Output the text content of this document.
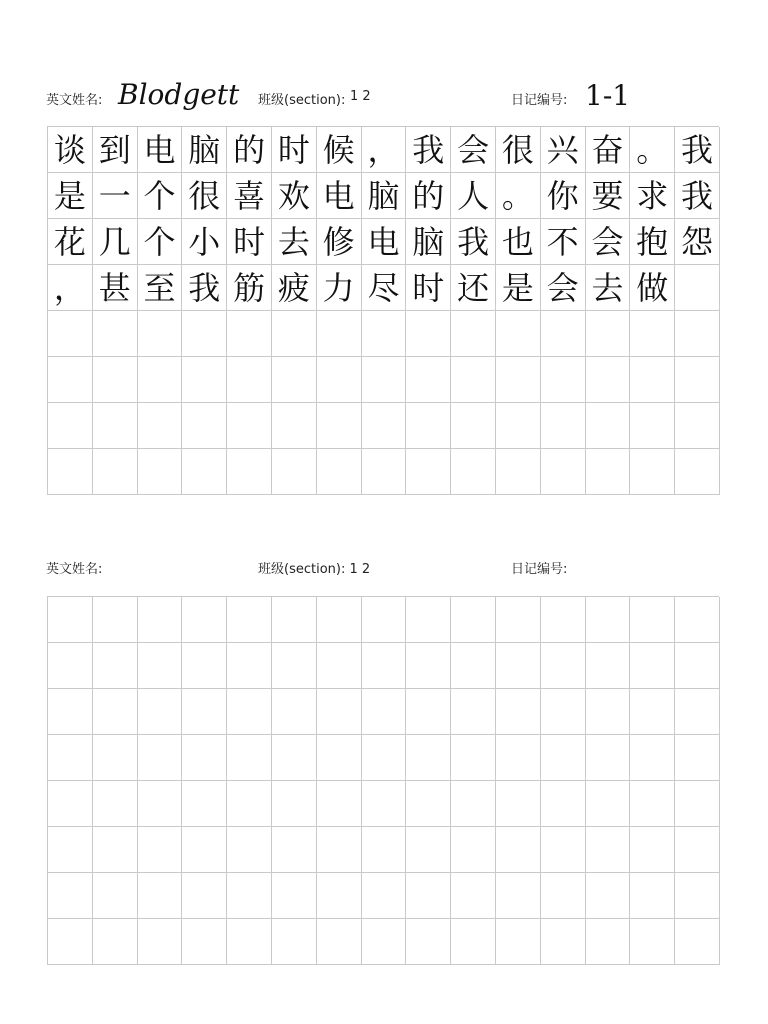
英文姓名: Blodgett 班级(section): 1 2	日记编号: 1-1
谈 到 电 脑 的 时 候 ， 我 会 很 兴 奋 。 我
是 一 个 很 喜 欢 电 脑 的 人 。 你 要 求 我
花 几 个 小 时 去 修 电 脑 我 也 不 会 抱 怨
， 甚 至 我 筋 疲 力 尽 时 还 是 会 去 做
英文姓名:	班级(section): 1 2	日记编号:
